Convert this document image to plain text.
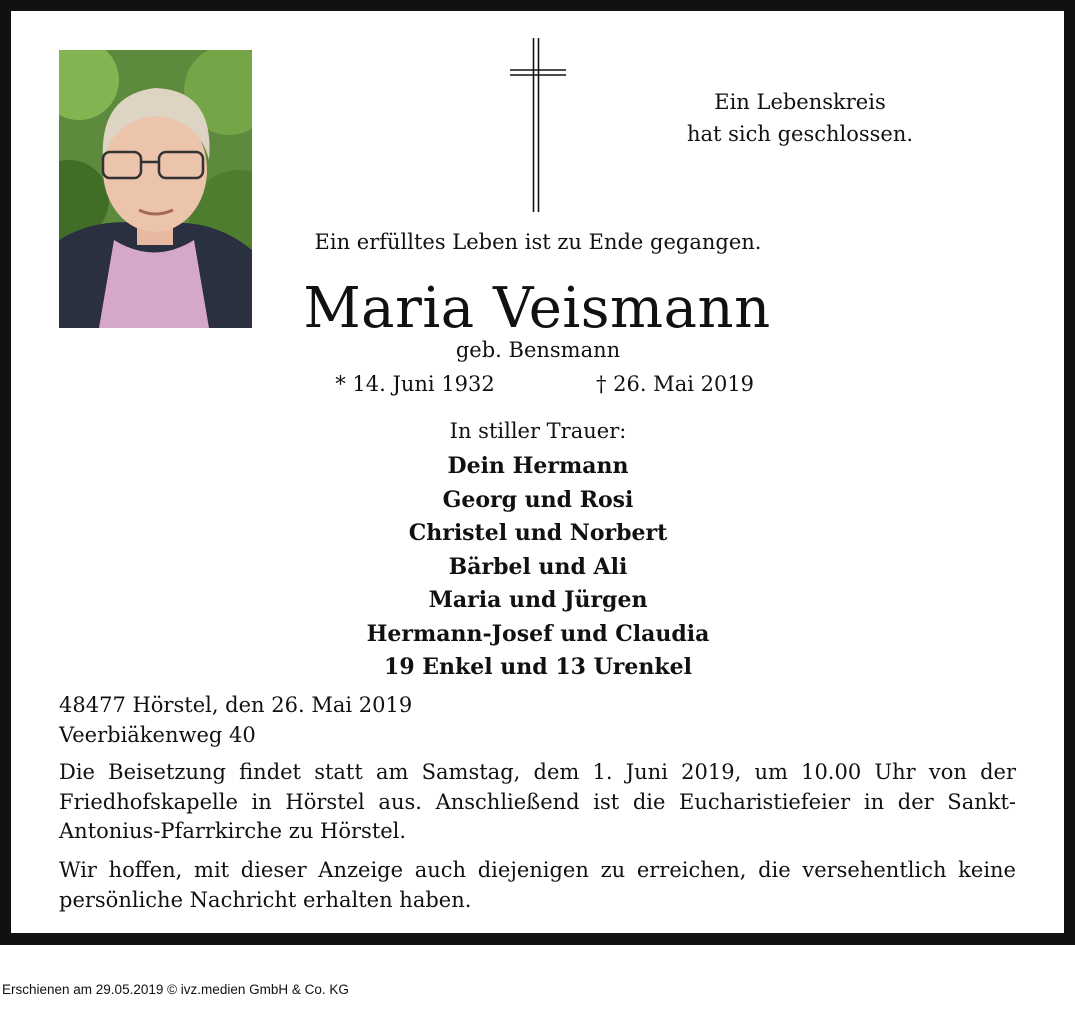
Ein Lebenskreis
hat sich geschlossen.
Ein erfülltes Leben ist zu Ende gegangen.
Maria Veismann
geb. Bensmann
* 14. Juni 1932	† 26. Mai 2019
In stiller Trauer:
Dein Hermann
Georg und Rosi
Christel und Norbert
Bärbel und Ali
Maria und Jürgen
Hermann-Josef und Claudia
19 Enkel und 13 Urenkel
48477 Hörstel, den 26. Mai 2019
Veerbiäkenweg 40

Die Beisetzung findet statt am Samstag, dem 1. Juni 2019, um 10.00 Uhr von der Friedhofskapelle in Hörstel aus. Anschließend ist die Eucharistiefeier in der Sankt-Antonius-Pfarrkirche zu Hörstel.

Wir hoffen, mit dieser Anzeige auch diejenigen zu erreichen, die versehentlich keine persönliche Nachricht erhalten haben.

Erschienen am 29.05.2019 © ivz.medien GmbH & Co. KG
